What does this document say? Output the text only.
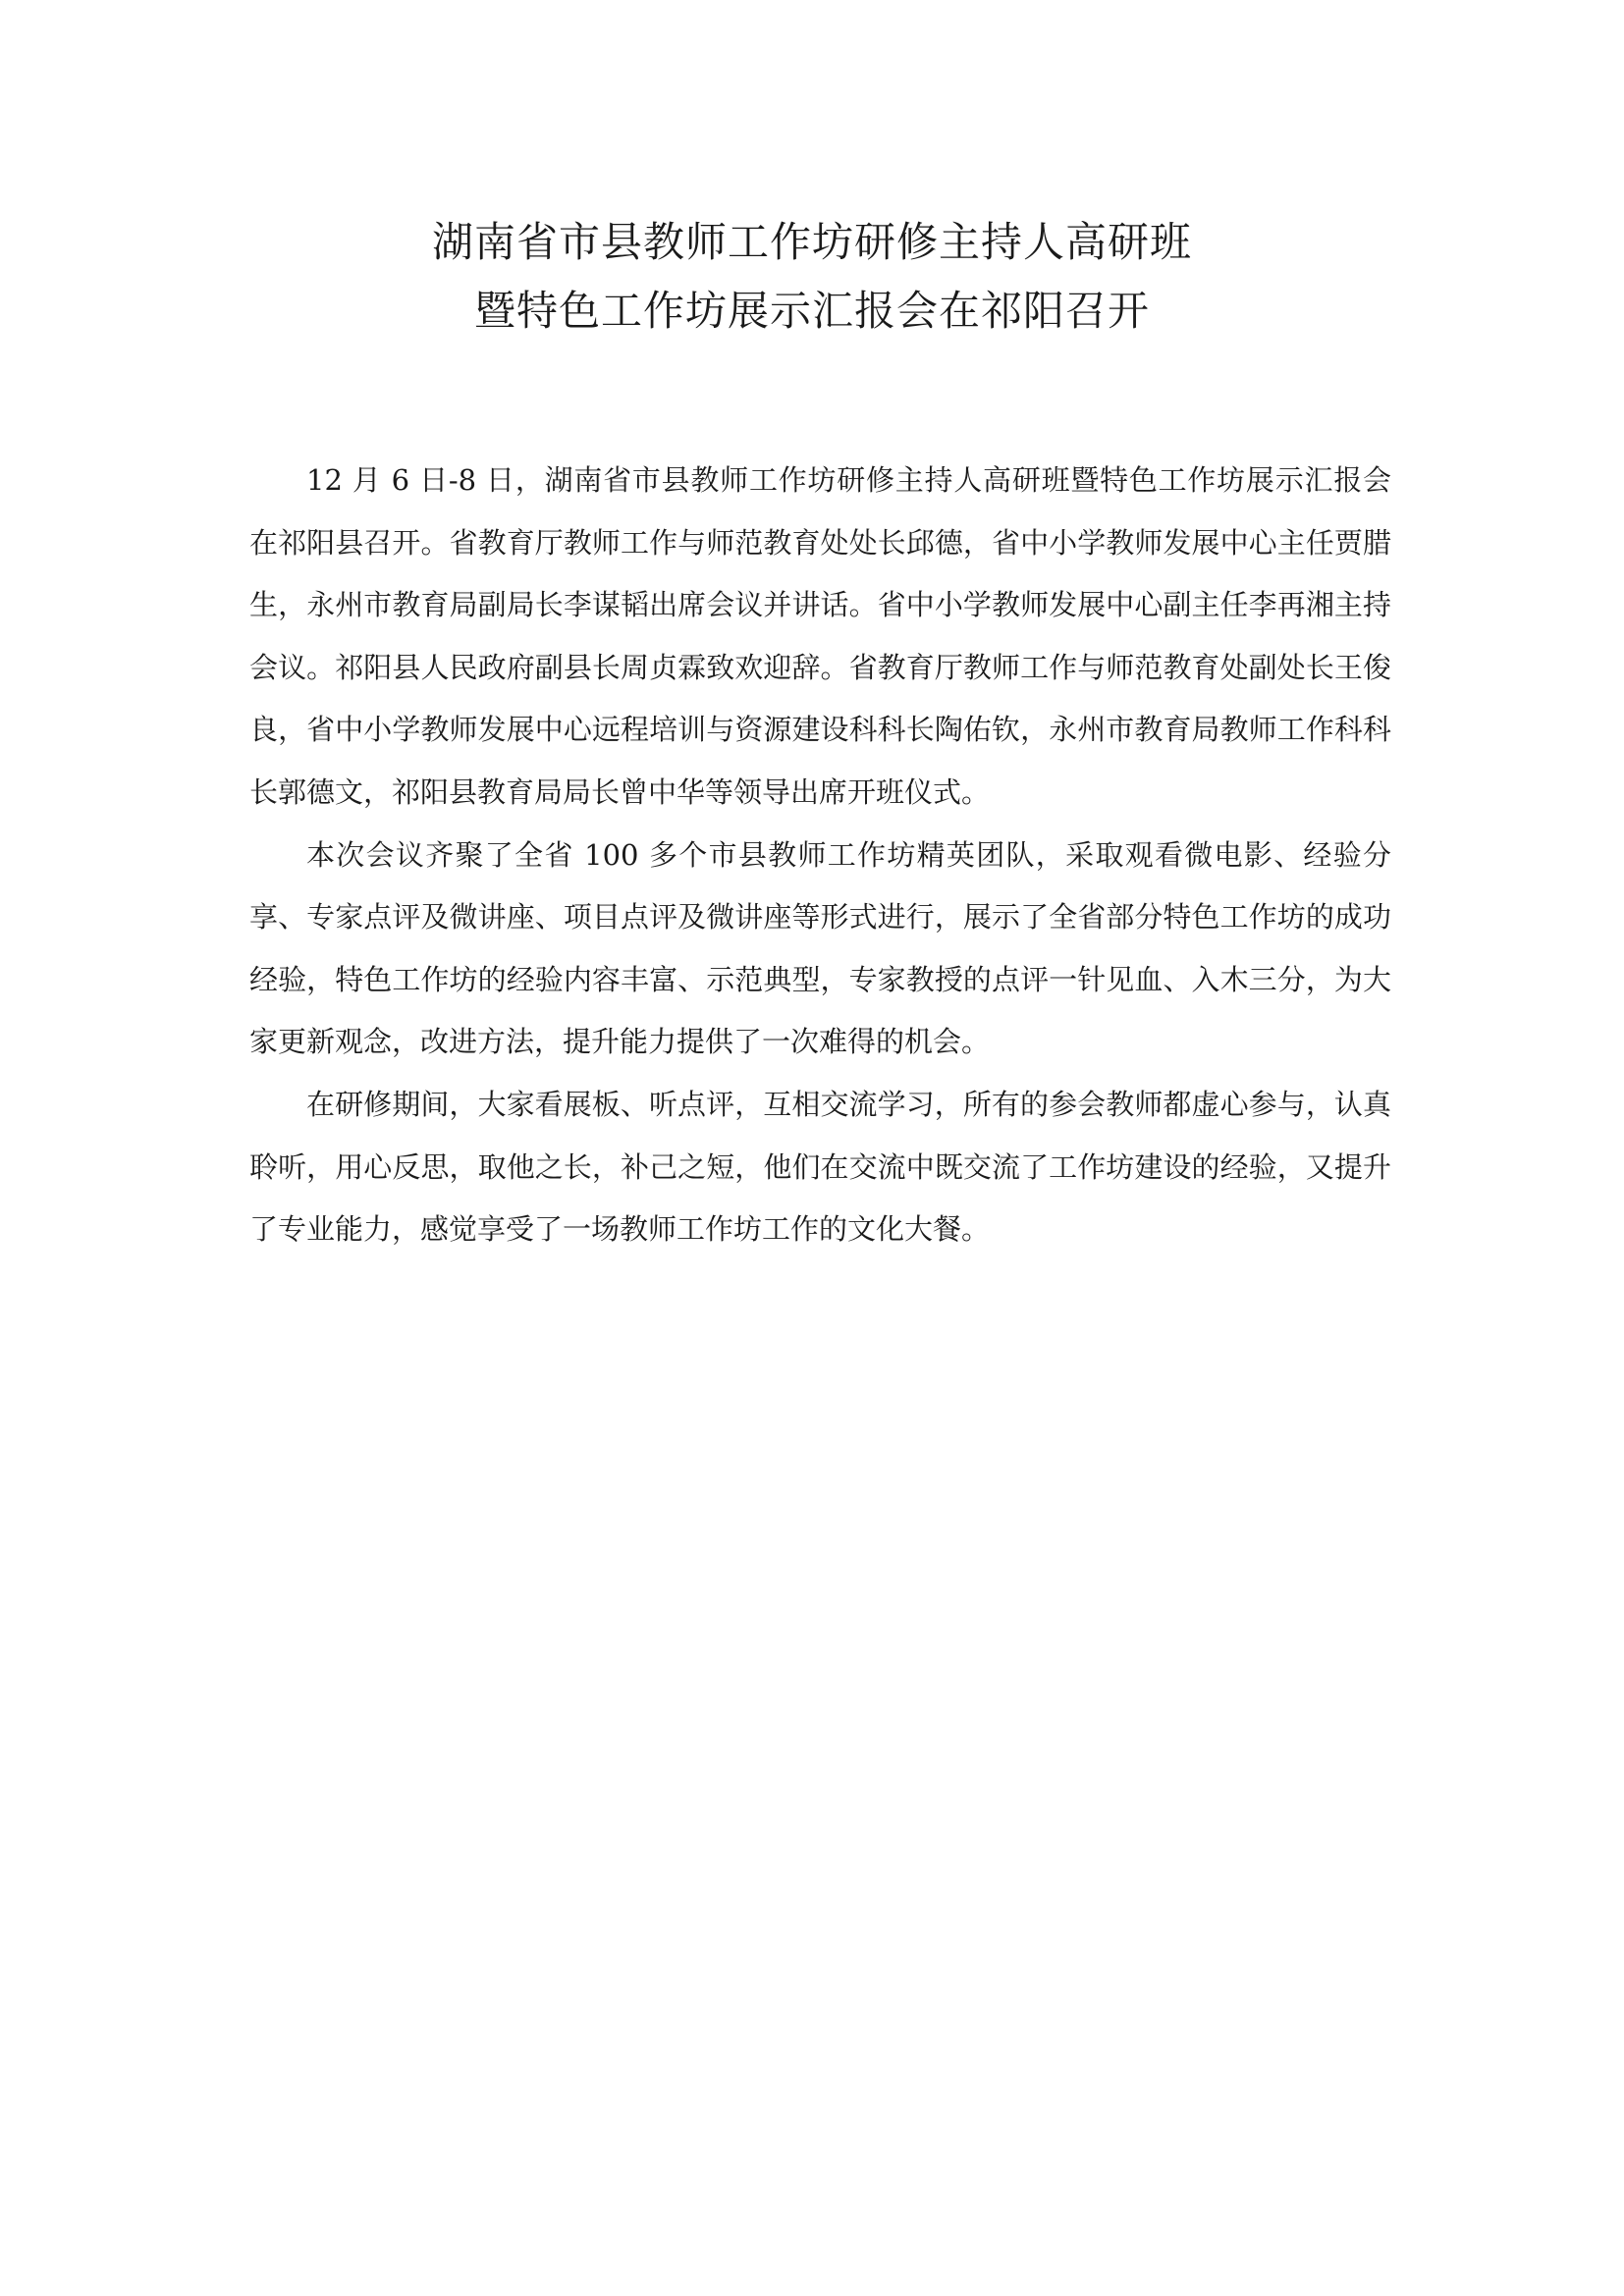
湖南省市县教师工作坊研修主持人高研班
暨特色工作坊展示汇报会在祁阳召开

12 月 6 日-8 日，湖南省市县教师工作坊研修主持人高研班暨特色工作坊展示汇报会在祁阳县召开。省教育厅教师工作与师范教育处处长邱德，省中小学教师发展中心主任贾腊生，永州市教育局副局长李谋韬出席会议并讲话。省中小学教师发展中心副主任李再湘主持会议。祁阳县人民政府副县长周贞霖致欢迎辞。省教育厅教师工作与师范教育处副处长王俊良，省中小学教师发展中心远程培训与资源建设科科长陶佑钦，永州市教育局教师工作科科长郭德文，祁阳县教育局局长曾中华等领导出席开班仪式。

本次会议齐聚了全省 100 多个市县教师工作坊精英团队，采取观看微电影、经验分享、专家点评及微讲座、项目点评及微讲座等形式进行，展示了全省部分特色工作坊的成功经验，特色工作坊的经验内容丰富、示范典型，专家教授的点评一针见血、入木三分，为大家更新观念，改进方法，提升能力提供了一次难得的机会。

在研修期间，大家看展板、听点评，互相交流学习，所有的参会教师都虚心参与，认真聆听，用心反思，取他之长，补己之短，他们在交流中既交流了工作坊建设的经验，又提升了专业能力，感觉享受了一场教师工作坊工作的文化大餐。
